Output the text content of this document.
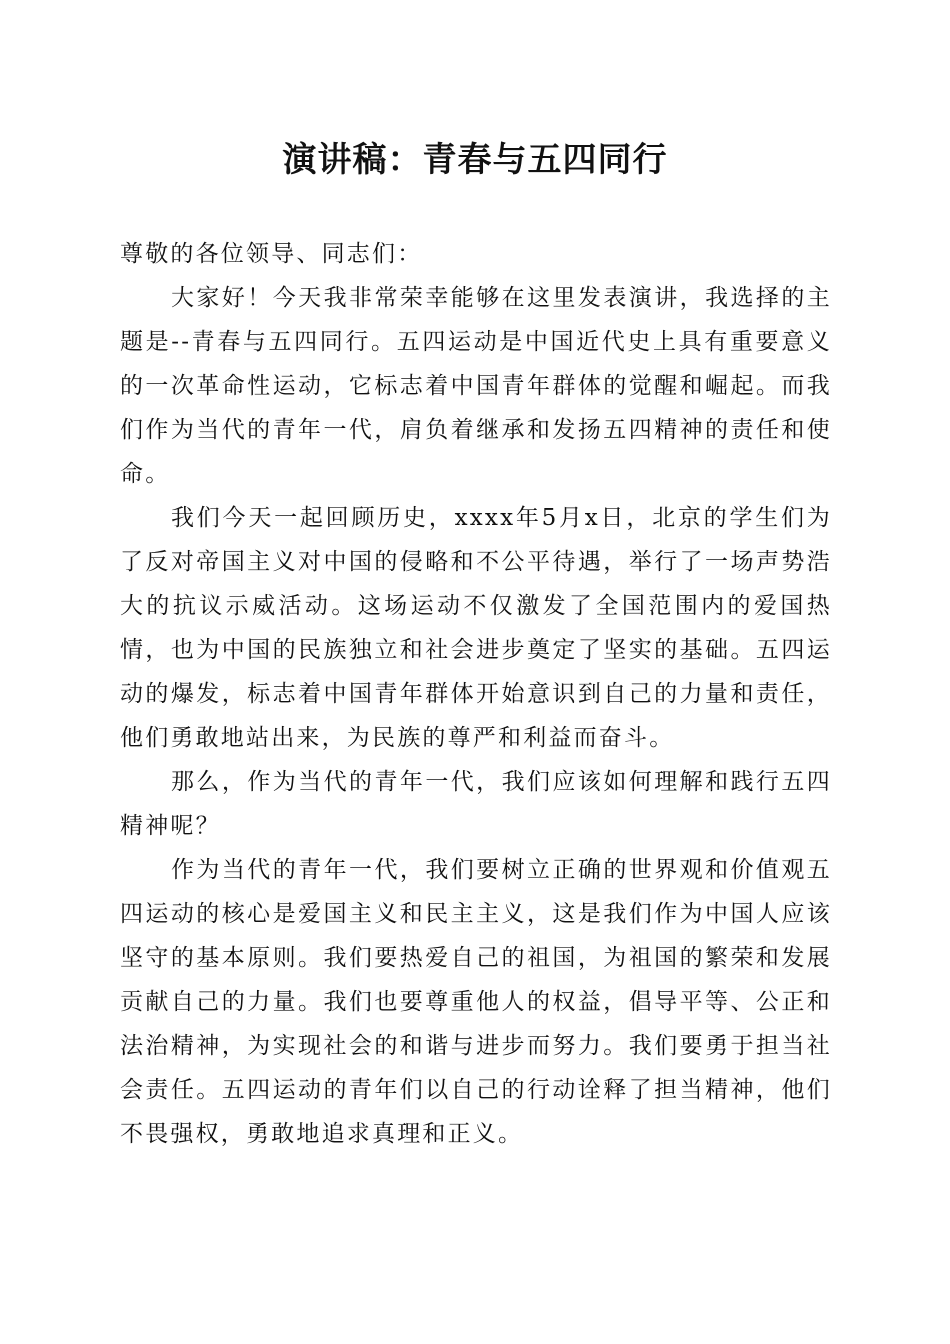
演讲稿：青春与五四同行

尊敬的各位领导、同志们：

大家好！今天我非常荣幸能够在这里发表演讲，我选择的主题是--青春与五四同行。五四运动是中国近代史上具有重要意义的一次革命性运动，它标志着中国青年群体的觉醒和崛起。而我们作为当代的青年一代，肩负着继承和发扬五四精神的责任和使命。

我们今天一起回顾历史，xxxx年5月x日，北京的学生们为了反对帝国主义对中国的侵略和不公平待遇，举行了一场声势浩大的抗议示威活动。这场运动不仅激发了全国范围内的爱国热情，也为中国的民族独立和社会进步奠定了坚实的基础。五四运动的爆发，标志着中国青年群体开始意识到自己的力量和责任，他们勇敢地站出来，为民族的尊严和利益而奋斗。

那么，作为当代的青年一代，我们应该如何理解和践行五四精神呢？

作为当代的青年一代，我们要树立正确的世界观和价值观五四运动的核心是爱国主义和民主主义，这是我们作为中国人应该坚守的基本原则。我们要热爱自己的祖国，为祖国的繁荣和发展贡献自己的力量。我们也要尊重他人的权益，倡导平等、公正和法治精神，为实现社会的和谐与进步而努力。我们要勇于担当社会责任。五四运动的青年们以自己的行动诠释了担当精神，他们不畏强权，勇敢地追求真理和正义。
